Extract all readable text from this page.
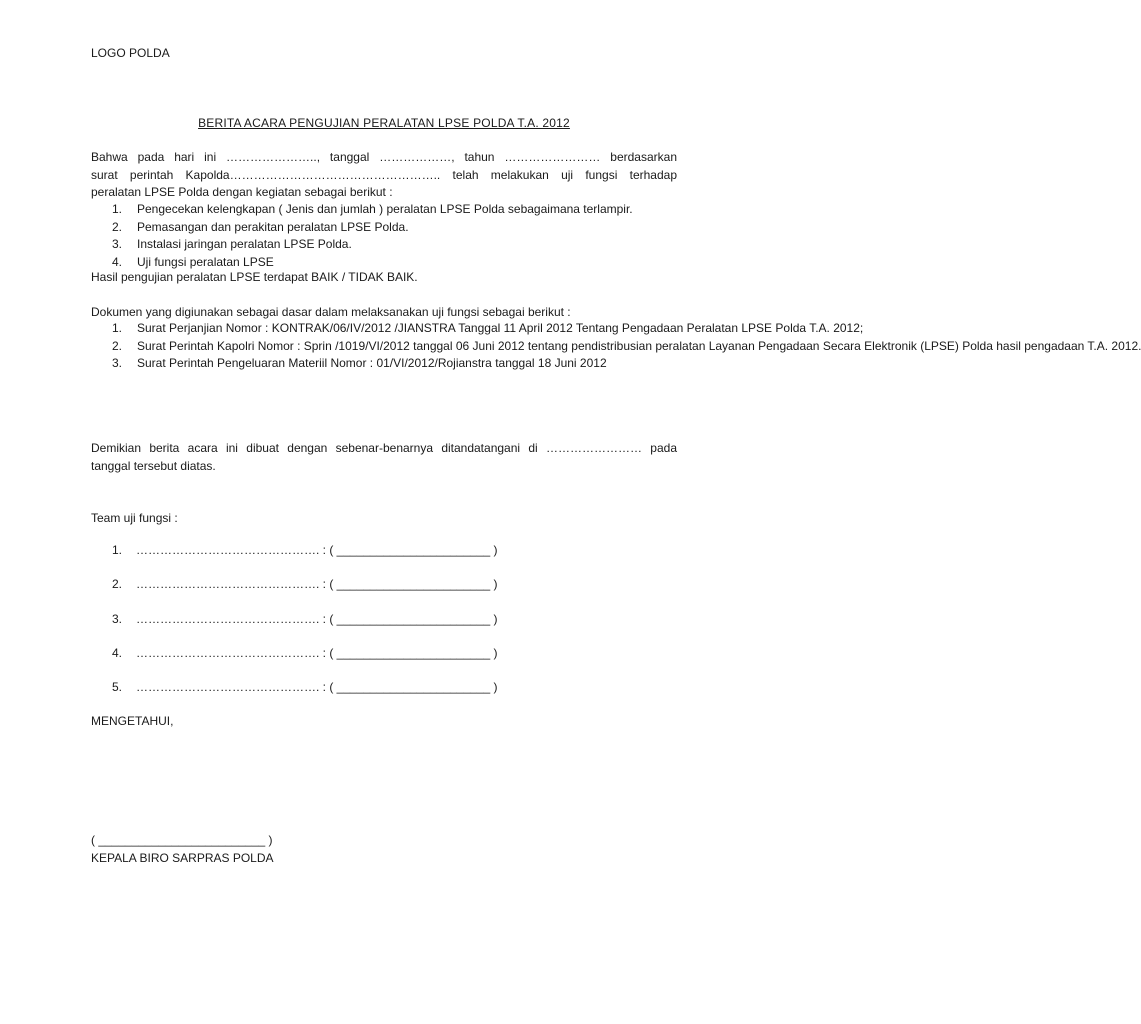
LOGO POLDA
BERITA ACARA PENGUJIAN PERALATAN LPSE POLDA T.A. 2012
Bahwa pada hari ini ………………….., tanggal ………………, tahun …………………… berdasarkan
surat perintah Kapolda…………………………………………….. telah melakukan uji fungsi terhadap
peralatan LPSE Polda dengan kegiatan sebagai berikut :
1. Pengecekan kelengkapan ( Jenis dan jumlah ) peralatan LPSE Polda sebagaimana terlampir.
2. Pemasangan dan perakitan peralatan LPSE Polda.
3. Instalasi jaringan peralatan LPSE Polda.
4. Uji fungsi peralatan LPSE
Hasil pengujian peralatan LPSE terdapat BAIK / TIDAK BAIK.
Dokumen yang digiunakan sebagai dasar dalam melaksanakan uji fungsi sebagai berikut :
1. Surat Perjanjian Nomor : KONTRAK/06/IV/2012 /JIANSTRA Tanggal 11 April 2012 Tentang Pengadaan Peralatan LPSE Polda T.A. 2012;
2. Surat Perintah Kapolri Nomor : Sprin /1019/VI/2012 tanggal 06 Juni 2012 tentang pendistribusian peralatan Layanan Pengadaan Secara Elektronik (LPSE) Polda hasil pengadaan T.A. 2012.
3. Surat Perintah Pengeluaran Materiil Nomor : 01/VI/2012/Rojianstra tanggal 18 Juni 2012
Demikian berita acara ini dibuat dengan sebenar-benarnya ditandatangani di …………………… pada
tanggal tersebut diatas.
Team uji fungsi :
1. ………………………………………. : ( _______________________ )
2. ………………………………………. : ( _______________________ )
3. ………………………………………. : ( _______________________ )
4. ………………………………………. : ( _______________________ )
5. ………………………………………. : ( _______________________ )
MENGETAHUI,
( _________________________ )
KEPALA BIRO SARPRAS POLDA
